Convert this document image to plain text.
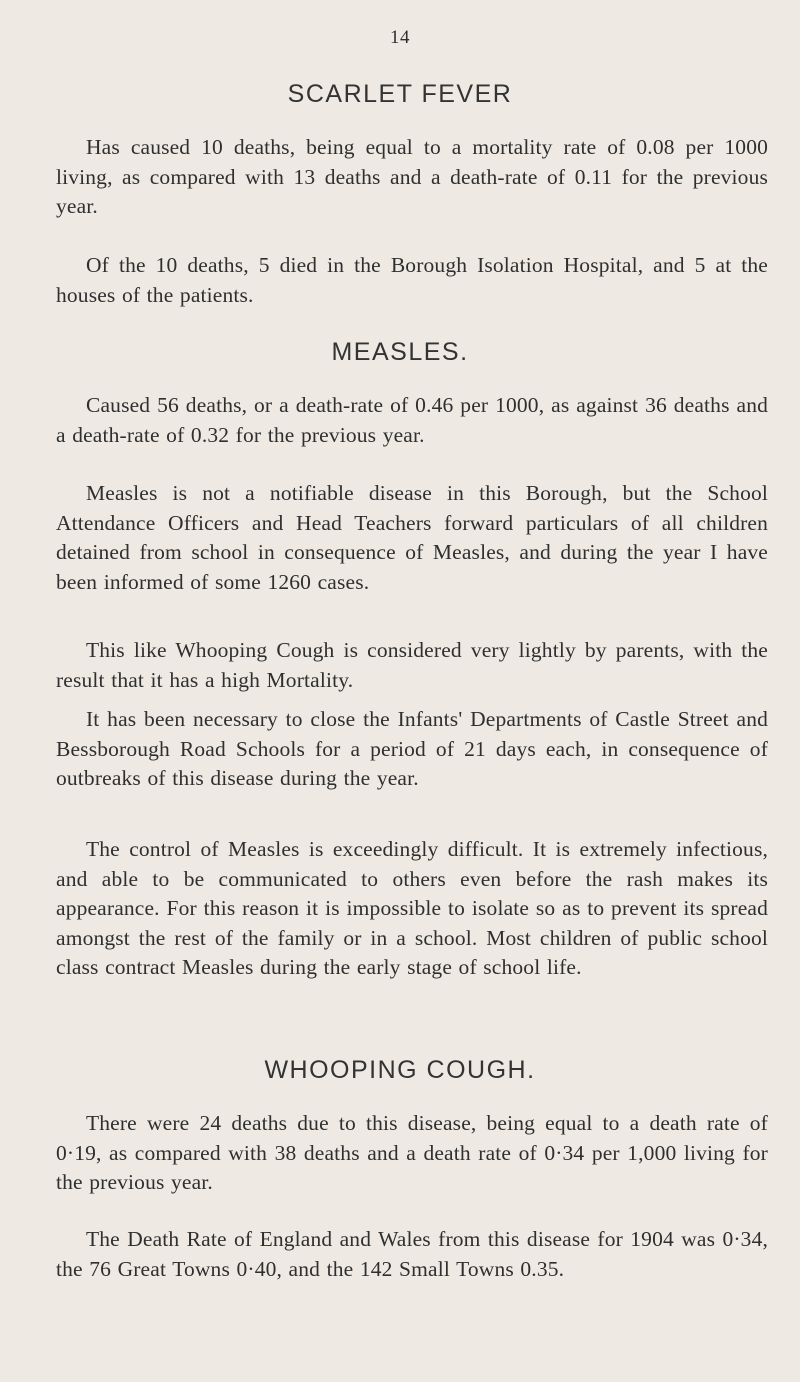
14
SCARLET FEVER

Has caused 10 deaths, being equal to a mortality rate of 0.08 per 1000 living, as compared with 13 deaths and a death-rate of 0.11 for the previous year.

Of the 10 deaths, 5 died in the Borough Isolation Hospital, and 5 at the houses of the patients.

MEASLES.

Caused 56 deaths, or a death-rate of 0.46 per 1000, as against 36 deaths and a death-rate of 0.32 for the previous year.

Measles is not a notifiable disease in this Borough, but the School Attendance Officers and Head Teachers forward particulars of all children detained from school in consequence of Measles, and during the year I have been informed of some 1260 cases.

This like Whooping Cough is considered very lightly by parents, with the result that it has a high Mortality.

It has been necessary to close the Infants' Departments of Castle Street and Bessborough Road Schools for a period of 21 days each, in consequence of outbreaks of this disease during the year.

The control of Measles is exceedingly difficult. It is extremely infectious, and able to be communicated to others even before the rash makes its appearance. For this reason it is impossible to isolate so as to prevent its spread amongst the rest of the family or in a school. Most children of public school class contract Measles during the early stage of school life.

WHOOPING COUGH.

There were 24 deaths due to this disease, being equal to a death rate of 0·19, as compared with 38 deaths and a death rate of 0·34 per 1,000 living for the previous year.

The Death Rate of England and Wales from this disease for 1904 was 0·34, the 76 Great Towns 0·40, and the 142 Small Towns 0.35.
